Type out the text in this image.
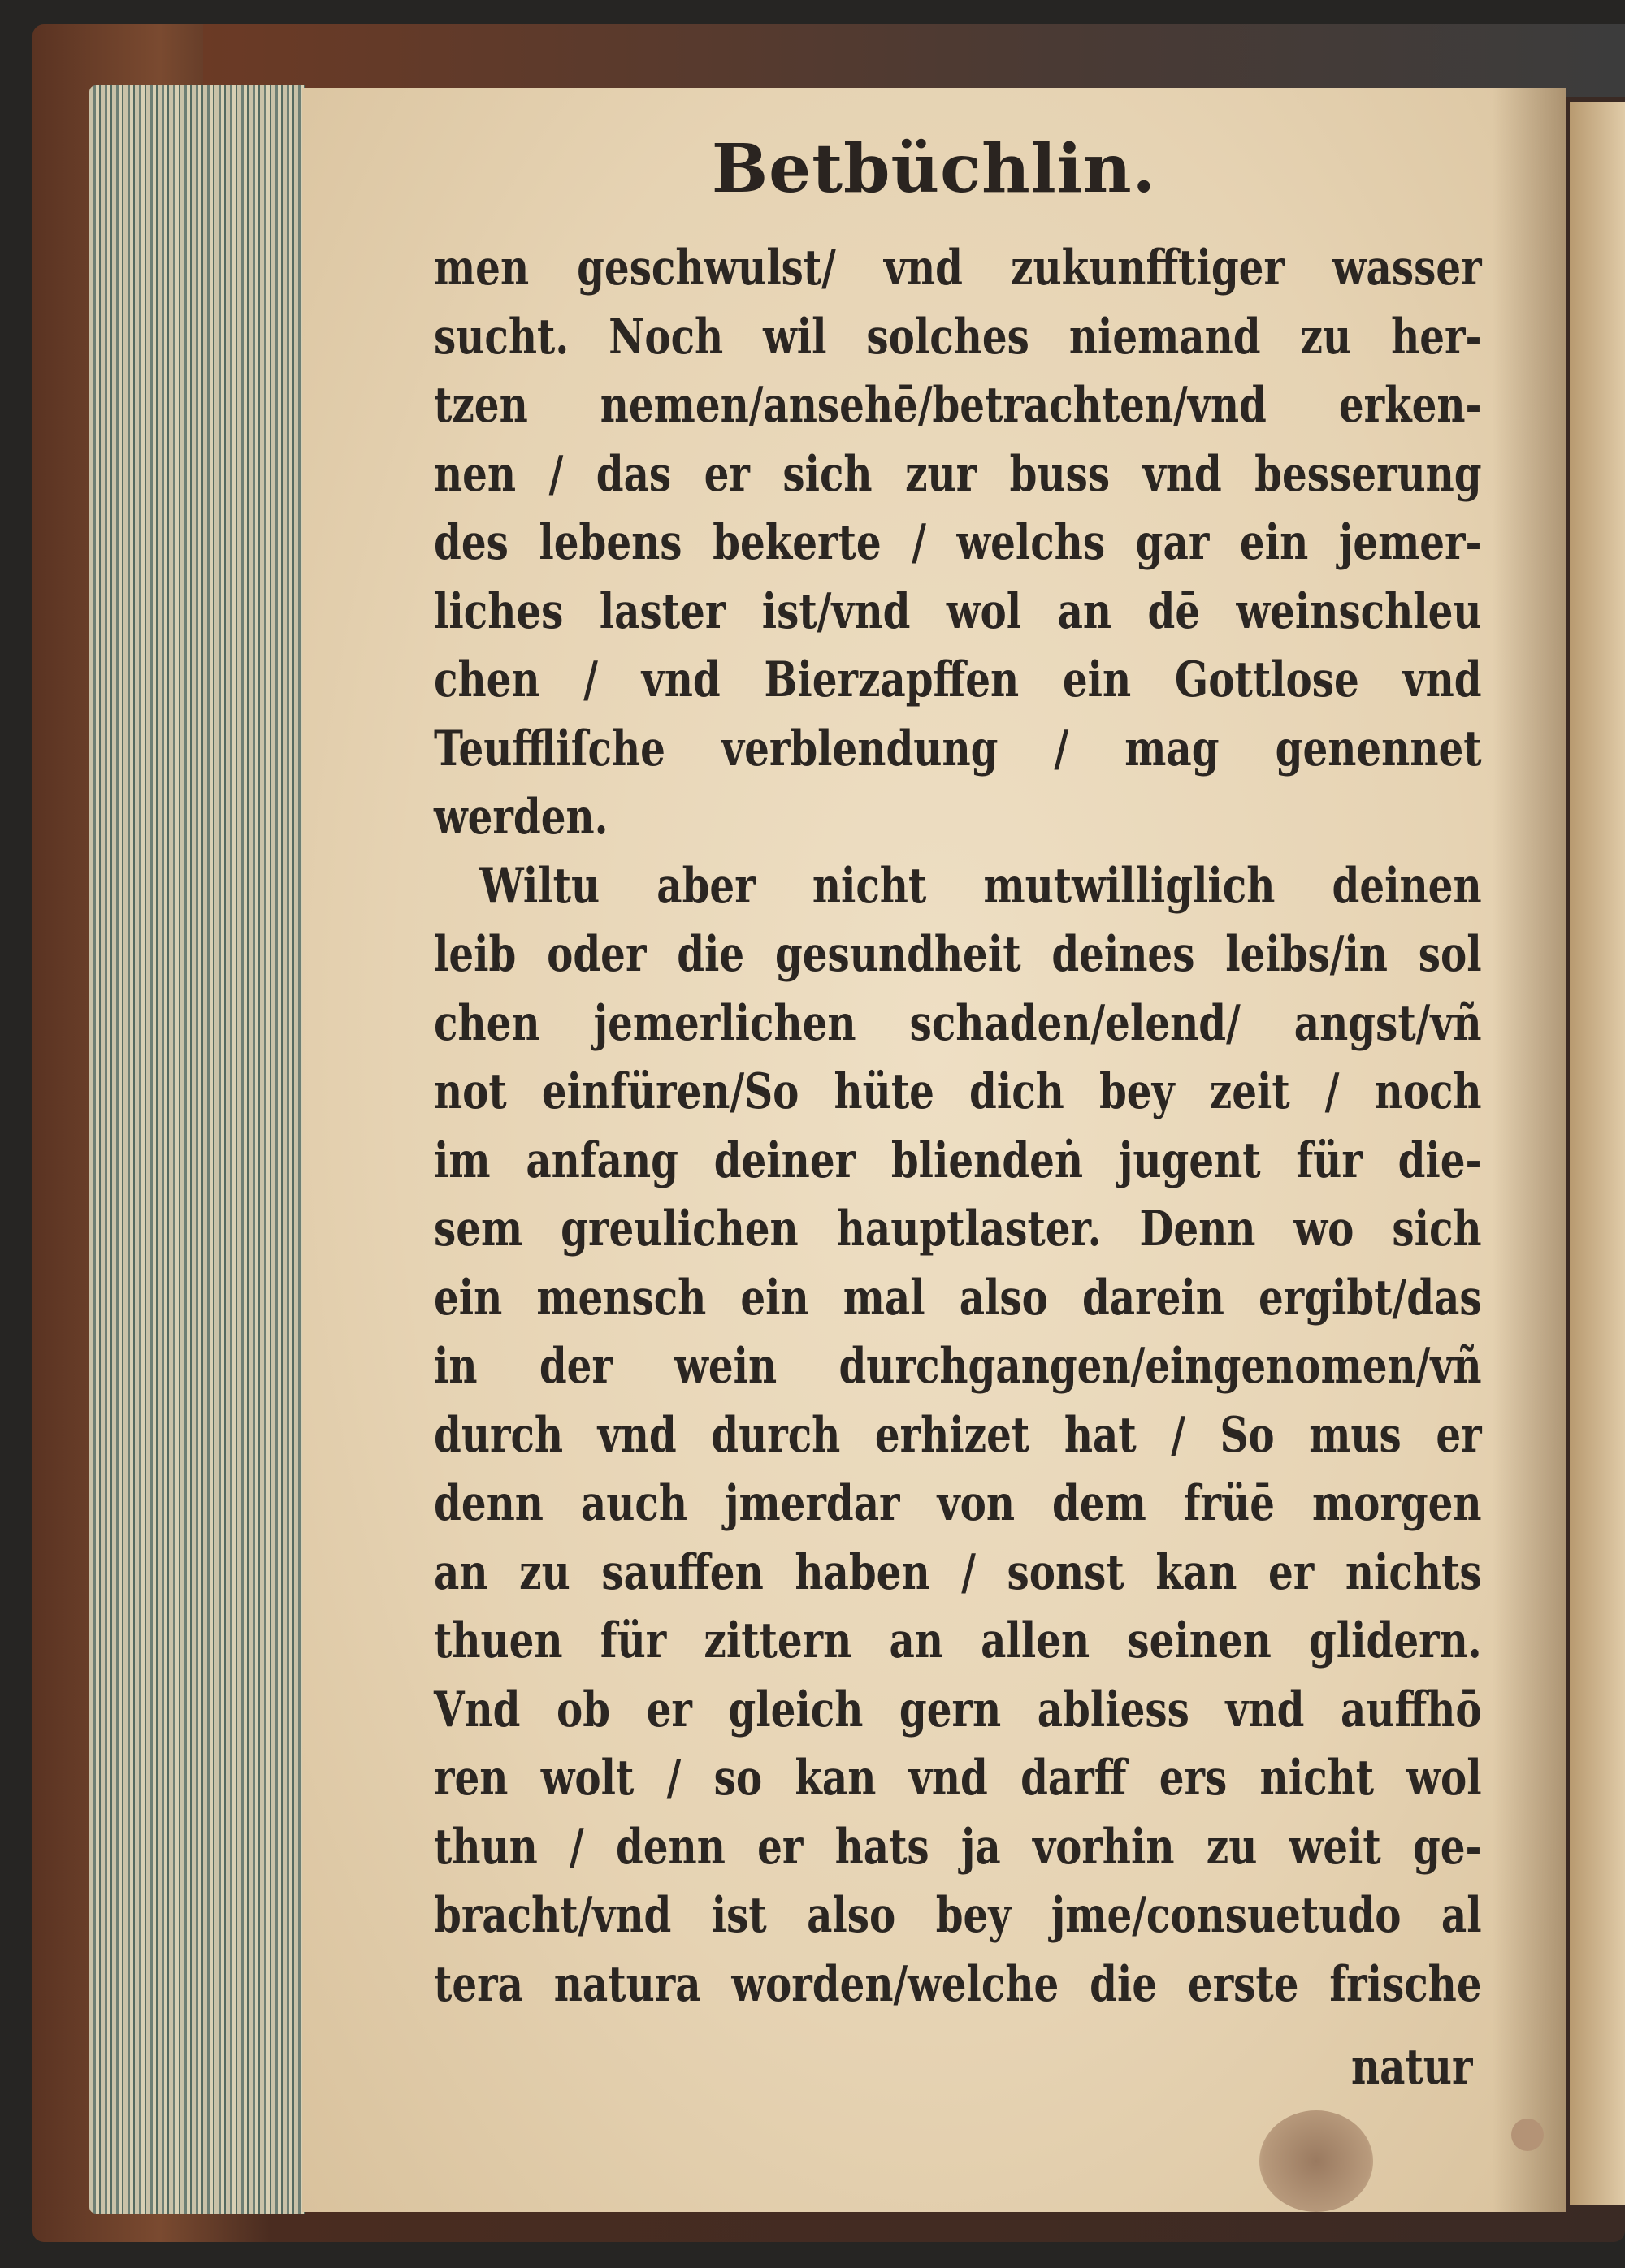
Betbüchlin.
men geschwulst/ vnd zukunfftiger wasser
sucht. Noch wil solches niemand zu her-
tzen nemen/ansehē/betrachten/vnd erken-
nen / das er sich zur buss vnd besserung
des lebens bekerte / welchs gar ein jemer-
liches laster ist/vnd wol an dē weinschleu
chen / vnd Bierzapffen ein Gottlose vnd
Teuffliſche verblendung / mag genennet
werden.
Wiltu aber nicht mutwilliglich deinen
leib oder die gesundheit deines leibs/in sol
chen jemerlichen schaden/elend/ angst/vñ
not einfüren/So hüte dich bey zeit / noch
im anfang deiner bliendeṅ jugent für die-
sem greulichen hauptlaster. Denn wo sich
ein mensch ein mal also darein ergibt/das
in der wein durchgangen/eingenomen/vñ
durch vnd durch erhizet hat / So mus er
denn auch jmerdar von dem früē morgen
an zu sauffen haben / sonst kan er nichts
thuen für zittern an allen seinen glidern.
Vnd ob er gleich gern abliess vnd auffhō
ren wolt / so kan vnd darff ers nicht wol
thun / denn er hats ja vorhin zu weit ge-
bracht/vnd ist also bey jme/consuetudo al
tera natura worden/welche die erste frische
natur
